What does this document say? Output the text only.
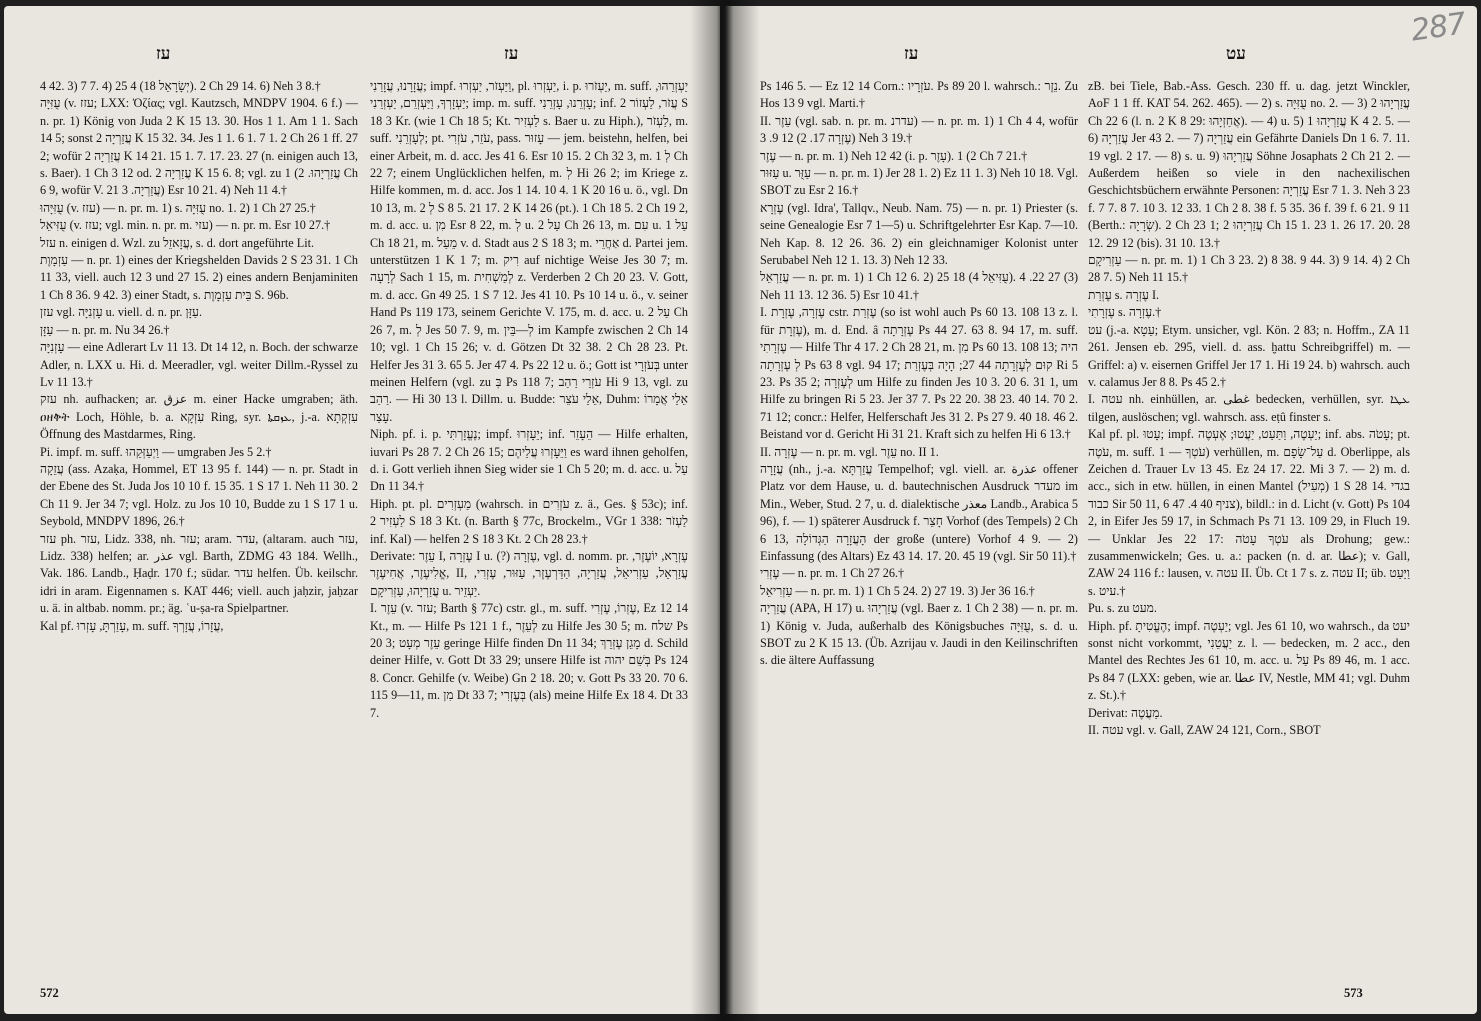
עז	עז

4 42. 3) 7 7. 4) 25 4 (18 יְשָׂרָאֵל). 2 Ch 29 14. 6) Neh 3 8.†

עֻזִּיָּה (v. עזז; LXX: Ὀζίας; vgl. Kautzsch, MNDPV 1904. 6 f.) — n. pr. 1) König von Juda 2 K 15 13. 30. Hos 1 1. Am 1 1. Sach 14 5; sonst עֲזַרְיָה 2 K 15 32. 34. Jes 1 1. 6 1. 7 1. 2 Ch 26 1 ff. 27 2; wofür עֲזַרְיָה 2 K 14 21. 15 1. 7. 17. 23. 27 (n. einigen auch 13, s. Baer). 1 Ch 3 12 od. עֲזַרְיָה 2 K 15 6. 8; vgl. zu עֲזַרְיָהוּ. 2) 1 Ch 6 9, wofür V. 21 עֲזַרְיָה. 3) Esr 10 21. 4) Neh 11 4.†

עֻזִּיָּהוּ (v. עזז) — n. pr. m. 1) s. עֻזִּיָּה no. 1. 2) 1 Ch 27 25.†

עֻזִּיאֵל (v. עזז; vgl. min. n. pr. m. עזי) — n. pr. m. Esr 10 27.†

עזל n. einigen d. Wzl. zu עֲזָאזֵל, s. d. dort angeführte Lit.

עַזְמָוֶת — n. pr. 1) eines der Kriegshelden Davids 2 S 23 31. 1 Ch 11 33, viell. auch 12 3 und 27 15. 2) eines andern Benjaminiten 1 Ch 8 36. 9 42. 3) einer Stadt, s. בֵּית עַזְמָוֶת S. 96b.

עזן vgl. עָזְנִיָּה u. viell. d. n. pr. עַזָּן.

עַזָּן — n. pr. m. Nu 34 26.†

עָזְנִיָּה — eine Adlerart Lv 11 13. Dt 14 12, n. Boch. der schwarze Adler, n. LXX u. Hi. d. Meeradler, vgl. weiter Dillm.-Ryssel zu Lv 11 13.†

עזק nh. aufhacken; ar. عزق m. einer Hacke umgraben; äth. ዐዘቅት Loch, Höhle, b. a. עִזְקָא Ring, syr. ܥܙܩܬܐ, j.-a. עִזְקְתָא Öffnung des Mastdarmes, Ring.

Pi. impf. m. suff. וַיְעַזְּקֵהוּ — umgraben Jes 5 2.†

עֲזֵקָה (ass. Azaḳa, Hommel, ET 13 95 f. 144) — n. pr. Stadt in der Ebene des St. Juda Jos 10 10 f. 15 35. 1 S 17 1. Neh 11 30. 2 Ch 11 9. Jer 34 7; vgl. Holz. zu Jos 10 10, Budde zu 1 S 17 1 u. Seybold, MNDPV 1896, 26.†

עזר ph. עזר, Lidz. 338, nh. עזר; aram. עדר, (altaram. auch עזר, Lidz. 338) helfen; ar. عذر vgl. Barth, ZDMG 43 184. Wellh., Vak. 186. Landb., Ḥaḍr. 170 f.; südar. עדר helfen. Üb. keilschr. idri in aram. Eigennamen s. KAT 446; viell. auch jaḥzir, jaḥzar u. ä. in altbab. nomm. pr.; äg. ʿu-ṣa-ra Spielpartner.

Kal pf. עָזַרְתָּ, עָזְרוּ, m. suff. עֲזָרוֹ, עֲזָרְךָ,

עֲזָרָנוּ, עֲזָרַנִי; impf. וַיַּעְזֹר, יַעְזְרוּ, pl. יַעְזְרוּ, i. p. יַעְזֹרוּ, m. suff. יַעְזְרֵהוּ, יַעְזָרְךָ, וַיַּעְזְרֵם, יַעְזְרֵנִי; imp. m. suff. עָזְרֵנוּ, עָזְרֵנִי; inf. עֲזֹר, לַעְזוֹר 2 S 18 3 Kr. (wie 1 Ch 18 5; Kt. לַעְזִיר s. Baer u. zu Hiph.), לַעְזֹר, m. suff. לְעָזְרֵנִי; pt. עֹזֵר, עֹזְרִי, pass. עָזוּר — jem. beistehn, helfen, bei einer Arbeit, m. d. acc. Jes 41 6. Esr 10 15. 2 Ch 32 3, m. לְ 1 Ch 22 7; einem Unglücklichen helfen, m. לְ Hi 26 2; im Kriege z. Hilfe kommen, m. d. acc. Jos 1 14. 10 4. 1 K 20 16 u. ö., vgl. Dn 10 13, m. לְ 2 S 8 5. 21 17. 2 K 14 26 (pt.). 1 Ch 18 5. 2 Ch 19 2, m. d. acc. u. מִן Esr 8 22, m. לְ u. עַל 2 Ch 26 13, m. עִם u. עַל 1 Ch 18 21, m. מֵעַל v. d. Stadt aus 2 S 18 3; m. אַחֲרֵי d. Partei jem. unterstützen 1 K 1 7; m. רִיק auf nichtige Weise Jes 30 7; m. לְרָעָה Sach 1 15, m. לְמַשְׁחִית z. Verderben 2 Ch 20 23. V. Gott, m. d. acc. Gn 49 25. 1 S 7 12. Jes 41 10. Ps 10 14 u. ö., v. seiner Hand Ps 119 173, seinem Gerichte V. 175, m. d. acc. u. עַל 2 Ch 26 7, m. לְ Jes 50 7. 9, m. לְ—בֵּין im Kampfe zwischen 2 Ch 14 10; vgl. 1 Ch 15 26; v. d. Götzen Dt 32 38. 2 Ch 28 23. Pt. Helfer Jes 31 3. 65 5. Jer 47 4. Ps 22 12 u. ö.; Gott ist בְּעֹזְרָי unter meinen Helfern (vgl. zu בְּ Ps 118 7; עֹזְרֵי רַהַב Hi 9 13, vgl. zu רַהַב. — Hi 30 13 l. Dillm. u. Budde: אֵלֵי עֹצֵר, Duhm: אֵלֵי אֲמָרוֹ עָצַר.

Niph. pf. i. p. נֶעֱזָרְתִּי; impf. יֵעָזְרוּ; inf. הֵעָזֵר — Hilfe erhalten, iuvari Ps 28 7. 2 Ch 26 15; וַיֵּעָזְרוּ עֲלֵיהֶם es ward ihnen geholfen, d. i. Gott verlieh ihnen Sieg wider sie 1 Ch 5 20; m. d. acc. u. עַל Dn 11 34.†

Hiph. pt. pl. מַעְזְרִים (wahrsch. in עֹזְרִים z. ä., Ges. § 53c); inf. לַעְזִיר 2 S 18 3 Kt. (n. Barth § 77c, Brockelm., VGr 1 338: לַעְזֹר inf. Kal) — helfen 2 S 18 3 Kt. 2 Ch 28 23.†

Derivate: עֵזֶר I, עֶזְרָה I u. (?) עֶזְרָה, vgl. d. nomm. pr. עֶזְרָא, יוֹעֶזֶר, אֱלִיעֶזֶר, אֲחִיעֶזֶר, II, עֲזַרְאֵל, עַזְרִיאֵל, עֲזַרְיָה, הַדַּרְעֶזֶר, עַזּוּר, עֶזְרִי, עֲזַרְיָהוּ, עַזְרִיקָם u. יַעְזֵיר.

I. עֵזֶר (v. עזר; Barth § 77c) cstr. gl., m. suff. עֶזְרוֹ, עֶזְרִי, Ez 12 14 Kt., m. — Hilfe Ps 121 1 f., לְעֵזֶר zu Hilfe Jes 30 5; m. שלח Ps 20 3; עֵזֶר מְעָט geringe Hilfe finden Dn 11 34; מָגֵן עֶזְרֵךְ d. Schild deiner Hilfe, v. Gott Dt 33 29; unsere Hilfe ist בְּשֵׁם יהוה Ps 124 8. Concr. Gehilfe (v. Weibe) Gn 2 18. 20; v. Gott Ps 33 20. 70 6. 115 9—11, m. מִן Dt 33 7; בְּעֶזְרִי (als) meine Hilfe Ex 18 4. Dt 33 7.

572
עז	עט
287

Ps 146 5. — Ez 12 14 Corn.: עֹזְרָיו. Ps 89 20 l. wahrsch.: נֵזֶר. Zu Hos 13 9 vgl. Marti.†

II. עֵזֶר (vgl. sab. n. pr. m. עדרנ) — n. pr. m. 1) 1 Ch 4 4, wofür עֶזְרָה 17. 2) 12 9. 3) Neh 3 19.†

עֶזֶר — n. pr. m. 1) Neh 12 42 (i. p. עָזֶר). 2) 1 Ch 7 21.†

עַזּוּר u. עַזֻּר — n. pr. m. 1) Jer 28 1. 2) Ez 11 1. 3) Neh 10 18. Vgl. SBOT zu Esr 2 16.†

עֶזְרָא (vgl. Idra', Tallqv., Neub. Nam. 75) — n. pr. 1) Priester (s. seine Genealogie Esr 7 1—5) u. Schriftgelehrter Esr Kap. 7—10. Neh Kap. 8. 12 26. 36. 2) ein gleichnamiger Kolonist unter Serubabel Neh 12 1. 13. 3) Neh 12 33.

עֲזַרְאֵל — n. pr. m. 1) 1 Ch 12 6. 2) 25 18 (4 עֻזִּיאֵל). 3) 27 22. 4) Neh 11 13. 12 36. 5) Esr 10 41.†

I. עֶזְרָה, עֶזְרָת cstr. עֶזְרַת (so ist wohl auch Ps 60 13. 108 13 z. l. für עֶזְרָת), m. d. End. â עֶזְרָתָה Ps 44 27. 63 8. 94 17, m. suff. עֶזְרָתִי — Hilfe Thr 4 17. 2 Ch 28 21, m. מִן Ps 60 13. 108 13; היה לְ עֶזְרָתָה Ps 63 8 vgl. 94 17; קוּם לְעֶזְרָתָה 44 27; הָיָה בְּעֶזְרַת Ri 5 23. Ps 35 2; לְעֶזְרָה um Hilfe zu finden Jes 10 3. 20 6. 31 1, um Hilfe zu bringen Ri 5 23. Jer 37 7. Ps 22 20. 38 23. 40 14. 70 2. 71 12; concr.: Helfer, Helferschaft Jes 31 2. Ps 27 9. 40 18. 46 2. Beistand vor d. Gericht Hi 31 21. Kraft sich zu helfen Hi 6 13.†

II. עֶזְרָה — n. pr. m. vgl. עֵזֶר no. II 1.

עֲזָרָה (nh., j.-a. עֲזַרְתָּא Tempelhof; vgl. viell. ar. عذرة offener Platz vor dem Hause, u. d. bautechnischen Ausdruck מעדר im Min., Weber, Stud. 2 7, u. d. dialektische معذر Landb., Arabica 5 96), f. — 1) späterer Ausdruck f. חָצֵר Vorhof (des Tempels) 2 Ch 6 13, הָעֲזָרָה הַגְּדוֹלָה der große (untere) Vorhof 4 9. — 2) Einfassung (des Altars) Ez 43 14. 17. 20. 45 19 (vgl. Sir 50 11).†

עֶזְרִי — n. pr. m. 1 Ch 27 26.†

עַזְרִיאֵל — n. pr. m. 1) 1 Ch 5 24. 2) 27 19. 3) Jer 36 16.†

עֲזַרְיָה (APA, H 17) u. עֲזַרְיָהוּ (vgl. Baer z. 1 Ch 2 38) — n. pr. m. 1) König v. Juda, außerhalb des Königsbuches עֻזִּיָּה, s. d. u. SBOT zu 2 K 15 13. (Üb. Azrijau v. Jaudi in den Keilinschriften s. die ältere Auffassung

zB. bei Tiele, Bab.-Ass. Gesch. 230 ff. u. dag. jetzt Winckler, AoF 1 1 ff. KAT 54. 262. 465). — 2) s. עֻזִּיָּה no. 2. — 3) עֲזַרְיָהוּ 2 Ch 22 6 (l. n. 2 K 8 29: אֲחַזְיָהוּ). — 4) u. 5) עֲזַרְיָהוּ 1 K 4 2. 5. — 6) עֲזַרְיָה Jer 43 2. — 7) עֲזַרְיָה ein Gefährte Daniels Dn 1 6. 7. 11. 19 vgl. 2 17. — 8) s. u. 9) עֲזַרְיָהוּ Söhne Josaphats 2 Ch 21 2. — Außerdem heißen so viele in den nachexilischen Geschichtsbüchern erwähnte Personen: עֲזַרְיָה Esr 7 1. 3. Neh 3 23 f. 7 7. 8 7. 10 3. 12 33. 1 Ch 2 8. 38 f. 5 35. 36 f. 39 f. 6 21. 9 11 (Berth.: שְׂרָיָה). 2 Ch 23 1; עֲזַרְיָהוּ 2 Ch 15 1. 23 1. 26 17. 20. 28 12. 29 12 (bis). 31 10. 13.†

עַזְרִיקָם — n. pr. m. 1) 1 Ch 3 23. 2) 8 38. 9 44. 3) 9 14. 4) 2 Ch 28 7. 5) Neh 11 15.†

עֶזְרַת s. עֶזְרָה I.

עֶזְרָתִי s. עֶזְרָה.†

עט (j.-a. עֵטָא; Etym. unsicher, vgl. Kön. 2 83; n. Hoffm., ZA 11 261. Jensen eb. 295, viell. d. ass. ḫattu Schreibgriffel) m. — Griffel: a) v. eisernen Griffel Jer 17 1. Hi 19 24. b) wahrsch. auch v. calamus Jer 8 8. Ps 45 2.†

I. עטה nh. einhüllen, ar. غطى bedecken, verhüllen, syr. ܥܛܐ tilgen, auslöschen; vgl. wahrsch. ass. eṭû finster s.

Kal pf. pl. עָטוּ; impf. יַעְטֶה, וַתַּעַט, יַעֲטוּ; אֶעְטֶה; inf. abs. עָטֹה; pt. עֹטֶה, m. suff. עֹטְךָ — 1) verhüllen, m. עַל־שָׂפָם d. Oberlippe, als Zeichen d. Trauer Lv 13 45. Ez 24 17. 22. Mi 3 7. — 2) m. d. acc., sich in etw. hüllen, in einen Mantel (מְעִיל) 1 S 28 14. בגדי כבוד Sir 50 11, צניף 40 4. 47 6), bildl.: in d. Licht (v. Gott) Ps 104 2, in Eifer Jes 59 17, in Schmach Ps 71 13. 109 29, in Fluch 19. — Unklar Jes 22 17: עֹטְךָ עָטֹה als Drohung; gew.: zusammenwickeln; Ges. u. a.: packen (n. d. ar. عطا); v. Gall, ZAW 24 116 f.: lausen, v. עטה II. Üb. Ct 1 7 s. z. עטה II; üb. וַיַּעַט s. עיט.†

Pu. s. zu מעט.

Hiph. pf. הֶעֱטִיתָ; impf. יַעְטֶה; vgl. Jes 61 10, wo wahrsch., da יעט sonst nicht vorkommt, יַעֲטֵנִי z. l. — bedecken, m. 2 acc., den Mantel des Rechtes Jes 61 10, m. acc. u. עַל Ps 89 46, m. 1 acc. Ps 84 7 (LXX: geben, wie ar. عطا IV, Nestle, MM 41; vgl. Duhm z. St.).†

Derivat: מַעֲטֶה.

II. עטה vgl. v. Gall, ZAW 24 121, Corn., SBOT

573
